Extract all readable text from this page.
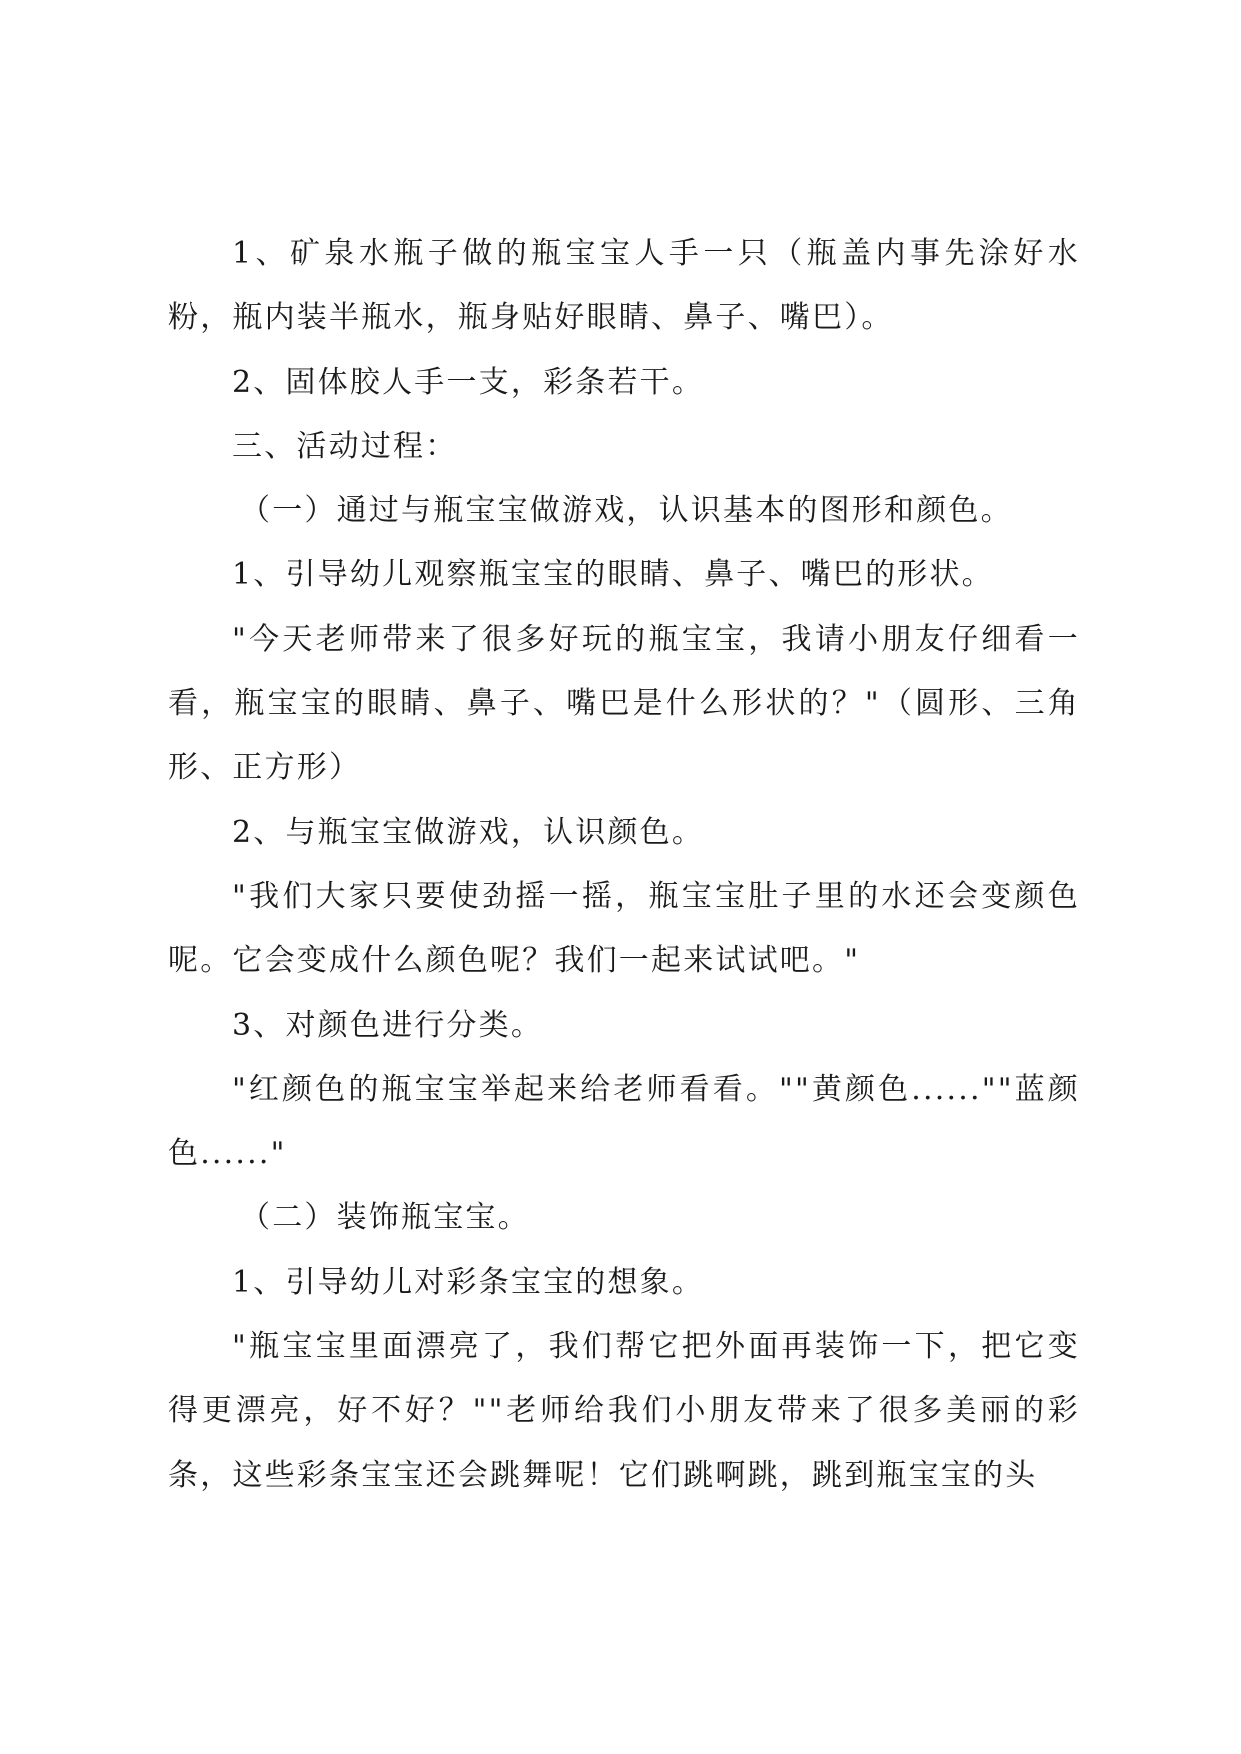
1、矿泉水瓶子做的瓶宝宝人手一只（瓶盖内事先涂好水粉，瓶内装半瓶水，瓶身贴好眼睛、鼻子、嘴巴）。

2、固体胶人手一支，彩条若干。

三、活动过程：

（一）通过与瓶宝宝做游戏，认识基本的图形和颜色。

1、引导幼儿观察瓶宝宝的眼睛、鼻子、嘴巴的形状。

"今天老师带来了很多好玩的瓶宝宝，我请小朋友仔细看一看，瓶宝宝的眼睛、鼻子、嘴巴是什么形状的？"（圆形、三角形、正方形）

2、与瓶宝宝做游戏，认识颜色。

"我们大家只要使劲摇一摇，瓶宝宝肚子里的水还会变颜色呢。它会变成什么颜色呢？我们一起来试试吧。"

3、对颜色进行分类。

"红颜色的瓶宝宝举起来给老师看看。""黄颜色......""蓝颜色......"

（二）装饰瓶宝宝。

1、引导幼儿对彩条宝宝的想象。

"瓶宝宝里面漂亮了，我们帮它把外面再装饰一下，把它变得更漂亮，好不好？""老师给我们小朋友带来了很多美丽的彩条，这些彩条宝宝还会跳舞呢！它们跳啊跳，跳到瓶宝宝的头
